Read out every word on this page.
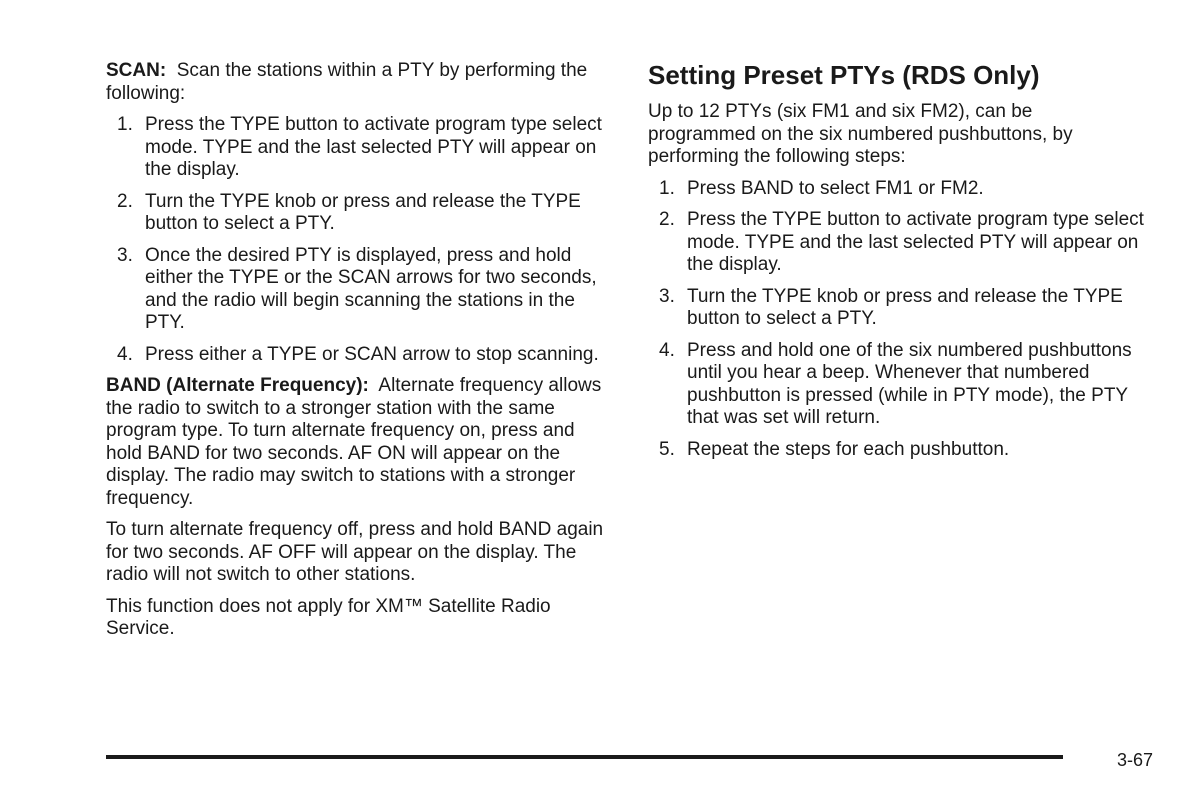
SCAN: Scan the stations within a PTY by performing the following:

1. Press the TYPE button to activate program type select mode. TYPE and the last selected PTY will appear on the display.
2. Turn the TYPE knob or press and release the TYPE button to select a PTY.
3. Once the desired PTY is displayed, press and hold either the TYPE or the SCAN arrows for two seconds, and the radio will begin scanning the stations in the PTY.
4. Press either a TYPE or SCAN arrow to stop scanning.

BAND (Alternate Frequency): Alternate frequency allows the radio to switch to a stronger station with the same program type. To turn alternate frequency on, press and hold BAND for two seconds. AF ON will appear on the display. The radio may switch to stations with a stronger frequency.

To turn alternate frequency off, press and hold BAND again for two seconds. AF OFF will appear on the display. The radio will not switch to other stations.

This function does not apply for XM™ Satellite Radio Service.

Setting Preset PTYs (RDS Only)

Up to 12 PTYs (six FM1 and six FM2), can be programmed on the six numbered pushbuttons, by performing the following steps:

1. Press BAND to select FM1 or FM2.
2. Press the TYPE button to activate program type select mode. TYPE and the last selected PTY will appear on the display.
3. Turn the TYPE knob or press and release the TYPE button to select a PTY.
4. Press and hold one of the six numbered pushbuttons until you hear a beep. Whenever that numbered pushbutton is pressed (while in PTY mode), the PTY that was set will return.
5. Repeat the steps for each pushbutton.
3-67
